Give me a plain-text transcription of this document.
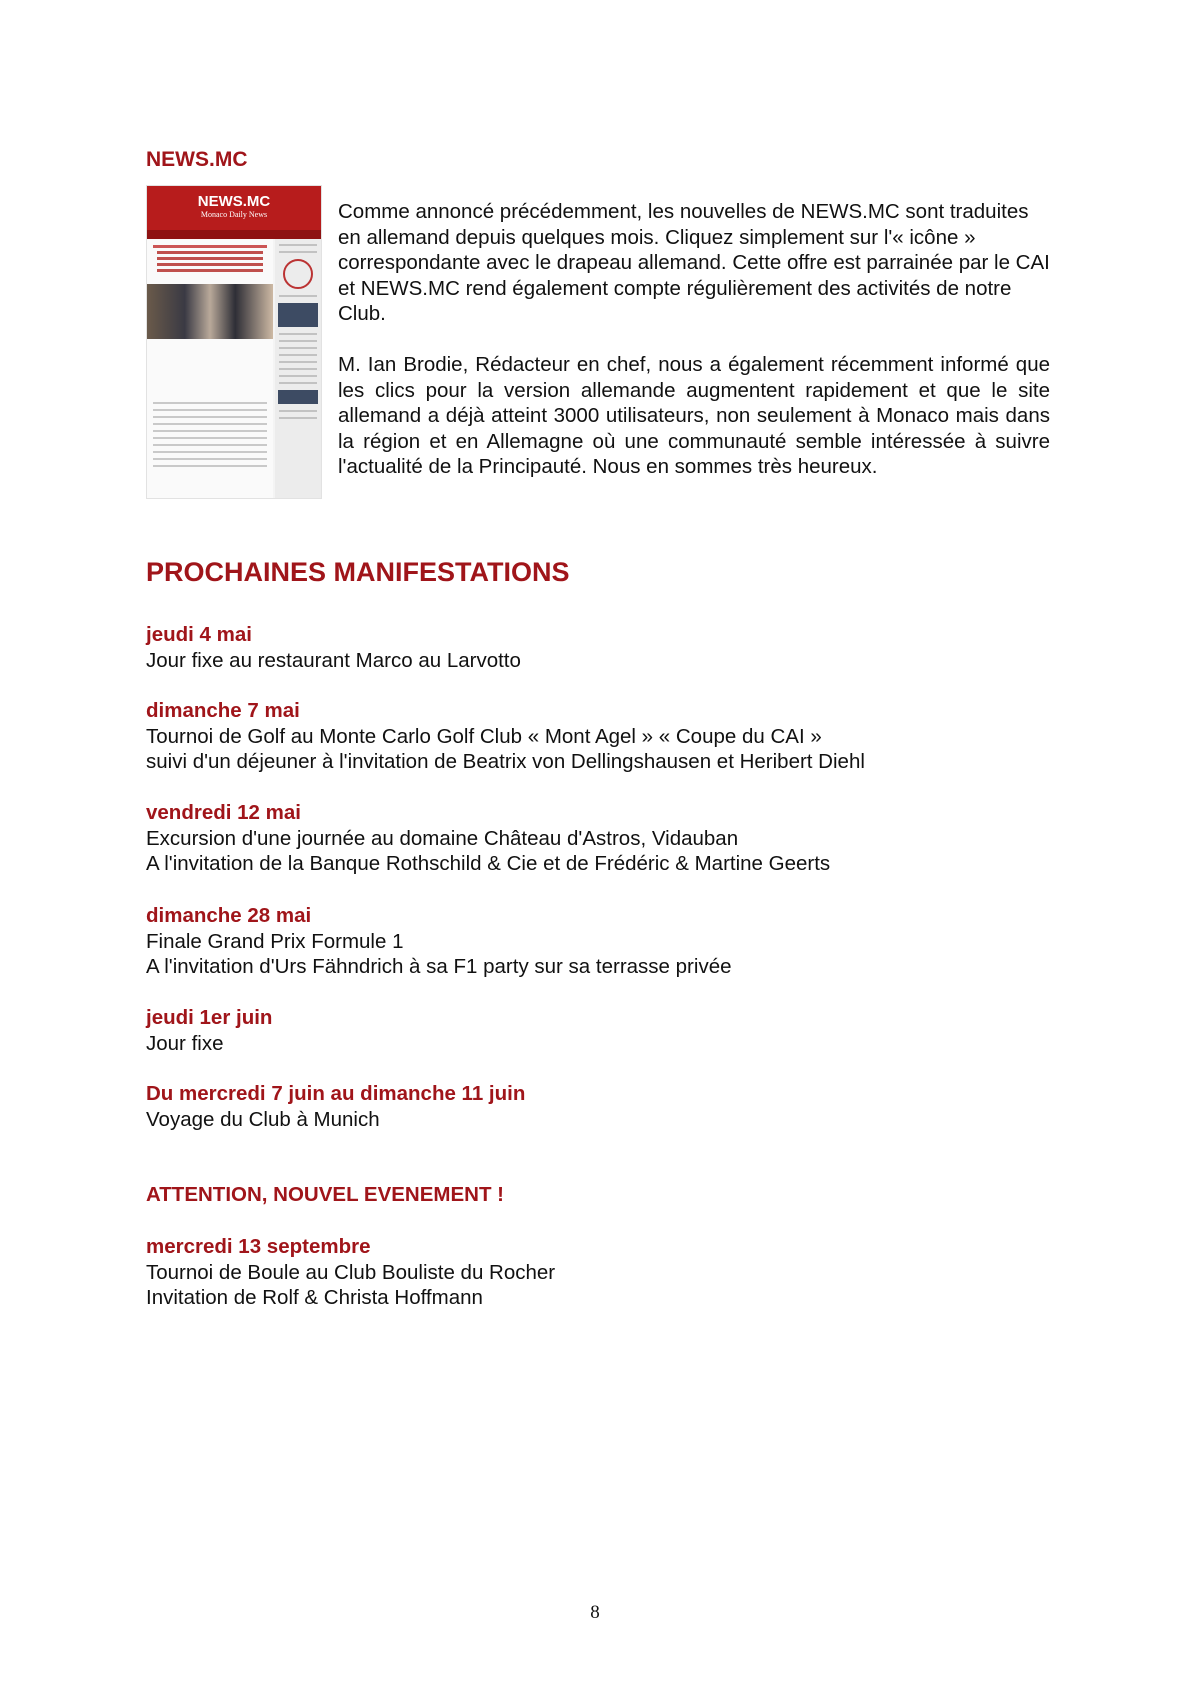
NEWS.MC
NEWS.MC
Monaco Daily News	Comme annoncé précédemment, les nouvelles de NEWS.MC sont traduites en allemand depuis quelques mois. Cliquez simplement sur l'« icône » correspondante avec le drapeau allemand. Cette offre est parrainée par le CAI et NEWS.MC rend également compte régulièrement des activités de notre Club.

M. Ian Brodie, Rédacteur en chef, nous a également récemment informé que les clics pour la version allemande augmentent rapidement et que le site allemand a déjà atteint 3000 utilisateurs, non seulement à Monaco mais dans la région et en Allemagne où une communauté semble intéressée à suivre l'actualité de la Principauté. Nous en sommes très heureux.

PROCHAINES MANIFESTATIONS
jeudi 4 mai
Jour fixe au restaurant Marco au Larvotto
dimanche 7 mai
Tournoi de Golf au Monte Carlo Golf Club « Mont Agel » « Coupe du CAI »
suivi d'un déjeuner à l'invitation de Beatrix von Dellingshausen et Heribert Diehl
vendredi 12 mai
Excursion d'une journée au domaine Château d'Astros, Vidauban
A l'invitation de la Banque Rothschild & Cie et de Frédéric & Martine Geerts
dimanche 28 mai
Finale Grand Prix Formule 1
A l'invitation d'Urs Fähndrich à sa F1 party sur sa terrasse privée
jeudi 1er juin
Jour fixe
Du mercredi 7 juin au dimanche 11 juin
Voyage du Club à Munich
ATTENTION, NOUVEL EVENEMENT !
mercredi 13 septembre
Tournoi de Boule au Club Bouliste du Rocher
Invitation de Rolf & Christa Hoffmann
8
